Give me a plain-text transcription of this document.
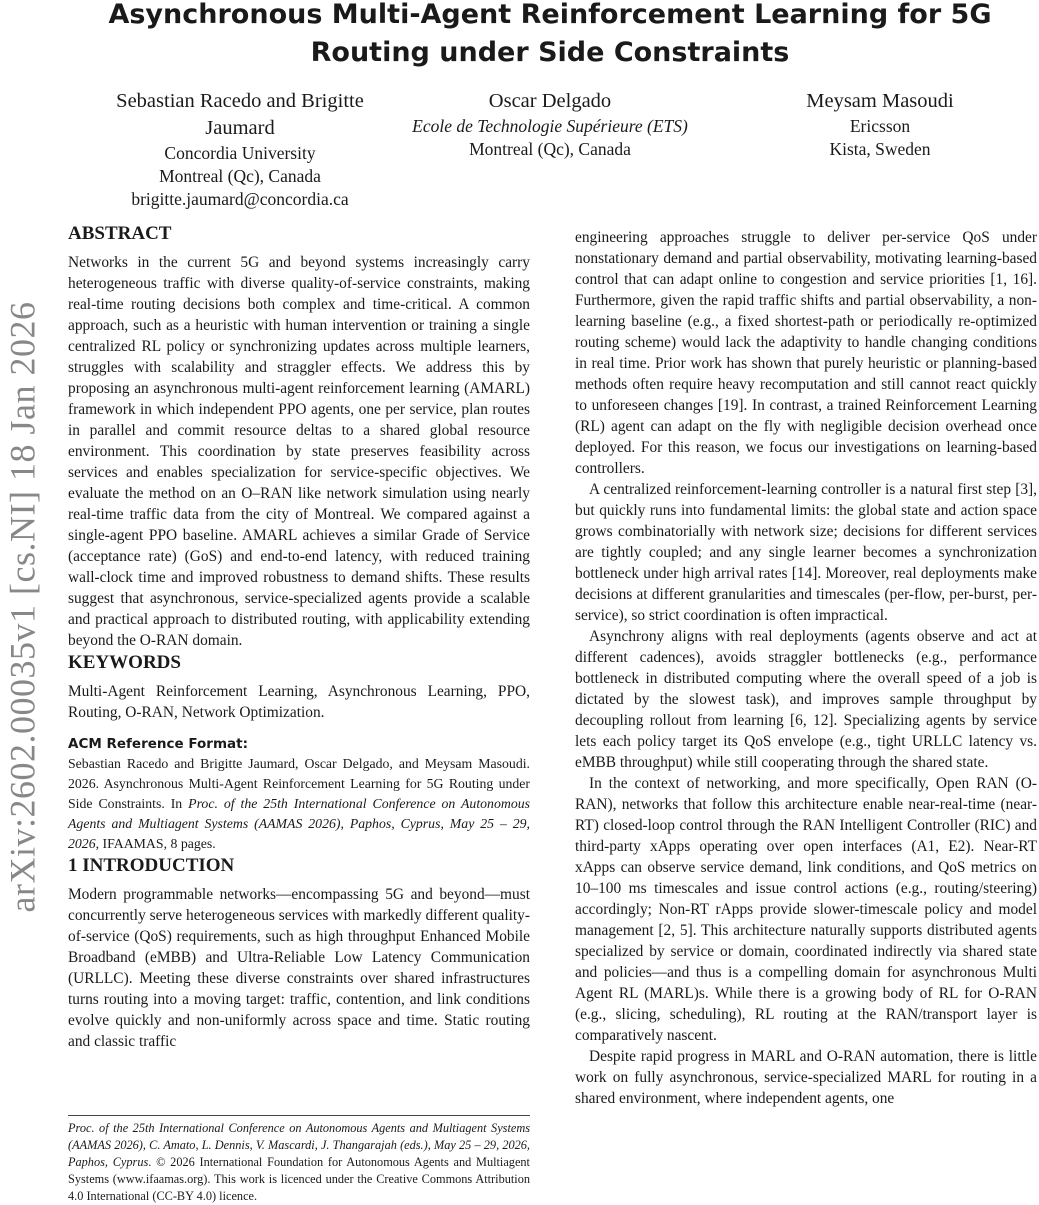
arXiv:2602.00035v1 [cs.NI] 18 Jan 2026
Asynchronous Multi-Agent Reinforcement Learning for 5G Routing under Side Constraints
Sebastian Racedo and Brigitte Jaumard
Concordia University
Montreal (Qc), Canada
brigitte.jaumard@concordia.ca
Oscar Delgado
Ecole de Technologie Supérieure (ETS)
Montreal (Qc), Canada
Meysam Masoudi
Ericsson
Kista, Sweden
ABSTRACT

Networks in the current 5G and beyond systems increasingly carry heterogeneous traffic with diverse quality-of-service constraints, making real-time routing decisions both complex and time-critical. A common approach, such as a heuristic with human intervention or training a single centralized RL policy or synchronizing updates across multiple learners, struggles with scalability and straggler effects. We address this by proposing an asynchronous multi-agent reinforcement learning (AMARL) framework in which independent PPO agents, one per service, plan routes in parallel and commit resource deltas to a shared global resource environment. This coordination by state preserves feasibility across services and enables specialization for service-specific objectives. We evaluate the method on an O–RAN like network simulation using nearly real-time traffic data from the city of Montreal. We compared against a single-agent PPO baseline. AMARL achieves a similar Grade of Service (acceptance rate) (GoS) and end-to-end latency, with reduced training wall-clock time and improved robustness to demand shifts. These results suggest that asynchronous, service-specialized agents provide a scalable and practical approach to distributed routing, with applicability extending beyond the O-RAN domain.

KEYWORDS

Multi-Agent Reinforcement Learning, Asynchronous Learning, PPO, Routing, O-RAN, Network Optimization.

ACM Reference Format:
Sebastian Racedo and Brigitte Jaumard, Oscar Delgado, and Meysam Masoudi. 2026. Asynchronous Multi-Agent Reinforcement Learning for 5G Routing under Side Constraints. In Proc. of the 25th International Conference on Autonomous Agents and Multiagent Systems (AAMAS 2026), Paphos, Cyprus, May 25 – 29, 2026, IFAAMAS, 8 pages.
1 INTRODUCTION

Modern programmable networks—encompassing 5G and beyond—must concurrently serve heterogeneous services with markedly different quality-of-service (QoS) requirements, such as high throughput Enhanced Mobile Broadband (eMBB) and Ultra-Reliable Low Latency Communication (URLLC). Meeting these diverse constraints over shared infrastructures turns routing into a moving target: traffic, contention, and link conditions evolve quickly and non-uniformly across space and time. Static routing and classic traffic

Proc. of the 25th International Conference on Autonomous Agents and Multiagent Systems (AAMAS 2026), C. Amato, L. Dennis, V. Mascardi, J. Thangarajah (eds.), May 25 – 29, 2026, Paphos, Cyprus. © 2026 International Foundation for Autonomous Agents and Multiagent Systems (www.ifaamas.org). This work is licenced under the Creative Commons Attribution 4.0 International (CC-BY 4.0) licence.

engineering approaches struggle to deliver per-service QoS under nonstationary demand and partial observability, motivating learning-based control that can adapt online to congestion and service priorities [1, 16]. Furthermore, given the rapid traffic shifts and partial observability, a non-learning baseline (e.g., a fixed shortest-path or periodically re-optimized routing scheme) would lack the adaptivity to handle changing conditions in real time. Prior work has shown that purely heuristic or planning-based methods often require heavy recomputation and still cannot react quickly to unforeseen changes [19]. In contrast, a trained Reinforcement Learning (RL) agent can adapt on the fly with negligible decision overhead once deployed. For this reason, we focus our investigations on learning-based controllers.

A centralized reinforcement-learning controller is a natural first step [3], but quickly runs into fundamental limits: the global state and action space grows combinatorially with network size; decisions for different services are tightly coupled; and any single learner becomes a synchronization bottleneck under high arrival rates [14]. Moreover, real deployments make decisions at different granularities and timescales (per-flow, per-burst, per-service), so strict coordination is often impractical.

Asynchrony aligns with real deployments (agents observe and act at different cadences), avoids straggler bottlenecks (e.g., performance bottleneck in distributed computing where the overall speed of a job is dictated by the slowest task), and improves sample throughput by decoupling rollout from learning [6, 12]. Specializing agents by service lets each policy target its QoS envelope (e.g., tight URLLC latency vs. eMBB throughput) while still cooperating through the shared state.

In the context of networking, and more specifically, Open RAN (O-RAN), networks that follow this architecture enable near-real-time (near-RT) closed-loop control through the RAN Intelligent Controller (RIC) and third-party xApps operating over open interfaces (A1, E2). Near-RT xApps can observe service demand, link conditions, and QoS metrics on 10–100 ms timescales and issue control actions (e.g., routing/steering) accordingly; Non-RT rApps provide slower-timescale policy and model management [2, 5]. This architecture naturally supports distributed agents specialized by service or domain, coordinated indirectly via shared state and policies—and thus is a compelling domain for asynchronous Multi Agent RL (MARL)s. While there is a growing body of RL for O-RAN (e.g., slicing, scheduling), RL routing at the RAN/transport layer is comparatively nascent.

Despite rapid progress in MARL and O-RAN automation, there is little work on fully asynchronous, service-specialized MARL for routing in a shared environment, where independent agents, one
